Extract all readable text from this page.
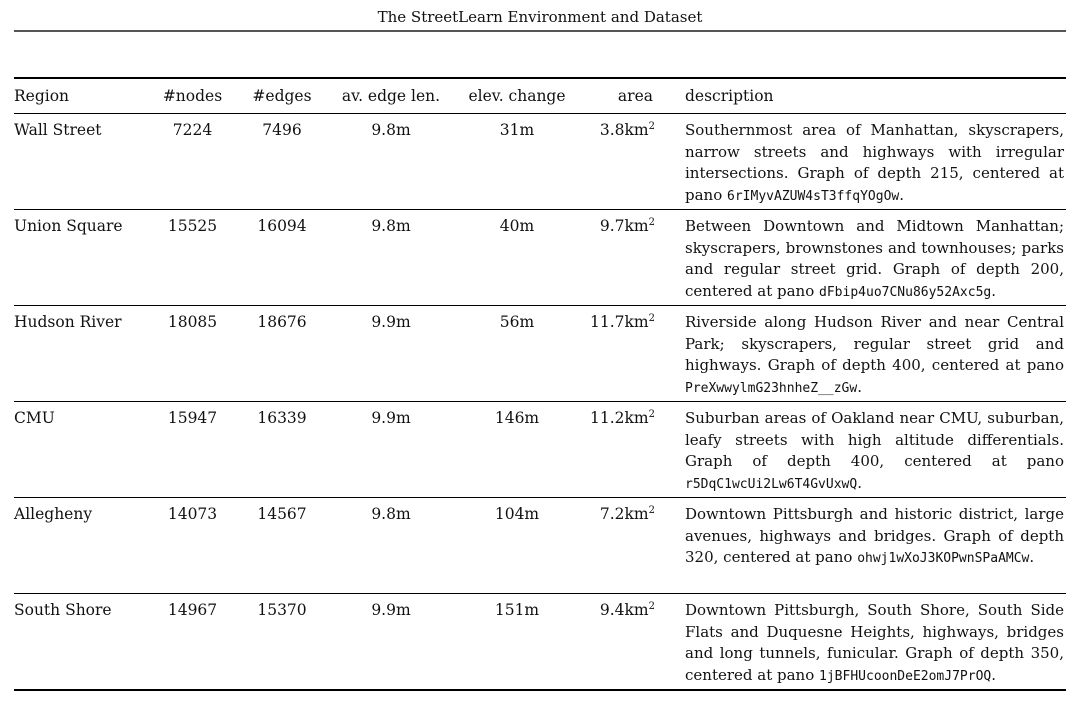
The StreetLearn Environment and Dataset
Region	#nodes	#edges	av. edge len.	elev. change	area	description
Wall Street	7224	7496	9.8m	31m	$3.8km^2$	Southernmost area of Manhattan, skyscrapers, narrow streets and highways with irregular intersections. Graph of depth 215, centered at pano 6rIMyvAZUW4sT3ffqYOgOw.
Union Square	15525	16094	9.8m	40m	$9.7km^2$	Between Downtown and Midtown Manhattan; skyscrapers, brownstones and townhouses; parks and regular street grid. Graph of depth 200, centered at pano dFbip4uo7CNu86y52Axc5g.
Hudson River	18085	18676	9.9m	56m	$11.7km^2$	Riverside along Hudson River and near Central Park; skyscrapers, regular street grid and highways. Graph of depth 400, centered at pano PreXwwylmG23hnheZ__zGw.
CMU	15947	16339	9.9m	146m	$11.2km^2$	Suburban areas of Oakland near CMU, suburban, leafy streets with high altitude differentials. Graph of depth 400, centered at pano r5DqC1wcUi2Lw6T4GvUxwQ.
Allegheny	14073	14567	9.8m	104m	$7.2km^2$	Downtown Pittsburgh and historic district, large avenues, highways and bridges. Graph of depth 320, centered at pano ohwj1wXoJ3KOPwnSPaAMCw.
South Shore	14967	15370	9.9m	151m	$9.4km^2$	Downtown Pittsburgh, South Shore, South Side Flats and Duquesne Heights, highways, bridges and long tunnels, funicular. Graph of depth 350, centered at pano 1jBFHUcoonDeE2omJ7PrOQ.
